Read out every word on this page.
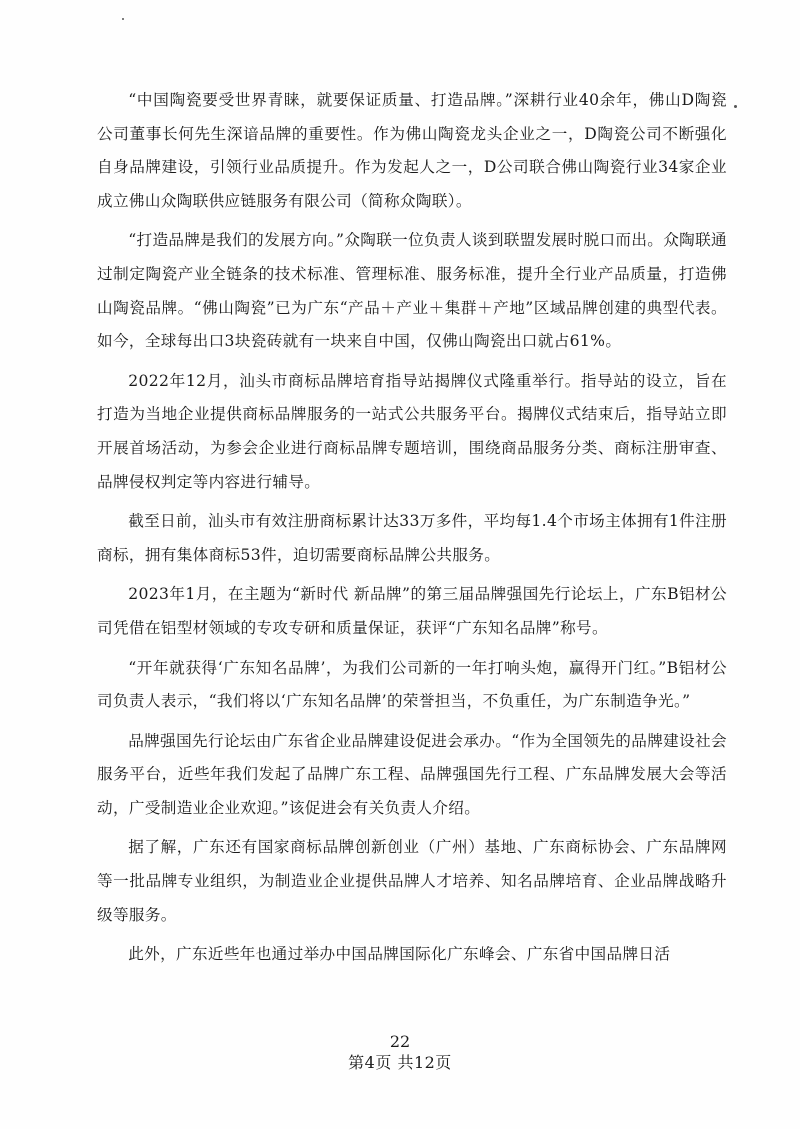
“中国陶瓷要受世界青睐，就要保证质量、打造品牌。”深耕行业40余年，佛山D陶瓷公司董事长何先生深谙品牌的重要性。作为佛山陶瓷龙头企业之一，D陶瓷公司不断强化自身品牌建设，引领行业品质提升。作为发起人之一，D公司联合佛山陶瓷行业34家企业成立佛山众陶联供应链服务有限公司（简称众陶联）。

“打造品牌是我们的发展方向。”众陶联一位负责人谈到联盟发展时脱口而出。众陶联通过制定陶瓷产业全链条的技术标准、管理标准、服务标准，提升全行业产品质量，打造佛山陶瓷品牌。“佛山陶瓷”已为广东“产品＋产业＋集群＋产地”区域品牌创建的典型代表。如今，全球每出口3块瓷砖就有一块来自中国，仅佛山陶瓷出口就占61%。

2022年12月，汕头市商标品牌培育指导站揭牌仪式隆重举行。指导站的设立，旨在打造为当地企业提供商标品牌服务的一站式公共服务平台。揭牌仪式结束后，指导站立即开展首场活动，为参会企业进行商标品牌专题培训，围绕商品服务分类、商标注册审查、品牌侵权判定等内容进行辅导。

截至日前，汕头市有效注册商标累计达33万多件，平均每1.4个市场主体拥有1件注册商标，拥有集体商标53件，迫切需要商标品牌公共服务。

2023年1月，在主题为“新时代 新品牌”的第三届品牌强国先行论坛上，广东B铝材公司凭借在铝型材领域的专攻专研和质量保证，获评“广东知名品牌”称号。

“开年就获得‘广东知名品牌’，为我们公司新的一年打响头炮，赢得开门红。”B铝材公司负责人表示，“我们将以‘广东知名品牌’的荣誉担当，不负重任，为广东制造争光。”

品牌强国先行论坛由广东省企业品牌建设促进会承办。“作为全国领先的品牌建设社会服务平台，近些年我们发起了品牌广东工程、品牌强国先行工程、广东品牌发展大会等活动，广受制造业企业欢迎。”该促进会有关负责人介绍。

据了解，广东还有国家商标品牌创新创业（广州）基地、广东商标协会、广东品牌网等一批品牌专业组织，为制造业企业提供品牌人才培养、知名品牌培育、企业品牌战略升级等服务。

此外，广东近些年也通过举办中国品牌国际化广东峰会、广东省中国品牌日活

22
第4页 共12页
